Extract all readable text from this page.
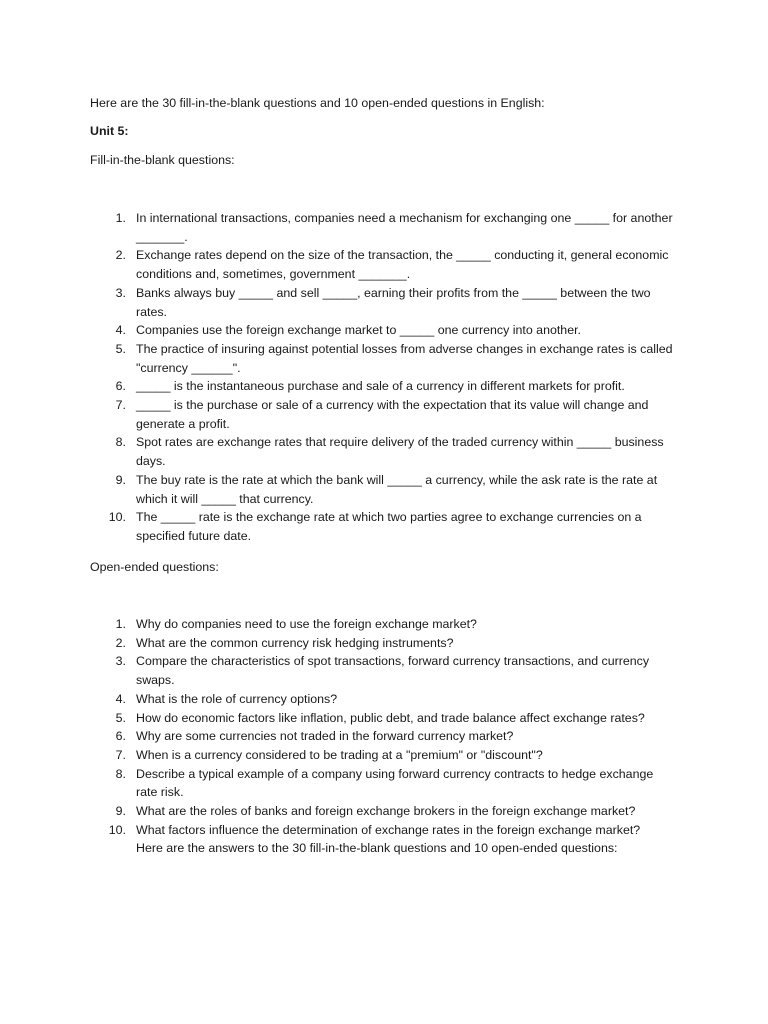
Here are the 30 fill-in-the-blank questions and 10 open-ended questions in English:

Unit 5:

Fill-in-the-blank questions:

1. In international transactions, companies need a mechanism for exchanging one _____ for another _______.
2. Exchange rates depend on the size of the transaction, the _____ conducting it, general economic conditions and, sometimes, government _______.
3. Banks always buy _____ and sell _____, earning their profits from the _____ between the two rates.
4. Companies use the foreign exchange market to _____ one currency into another.
5. The practice of insuring against potential losses from adverse changes in exchange rates is called "currency ______".
6. _____ is the instantaneous purchase and sale of a currency in different markets for profit.
7. _____ is the purchase or sale of a currency with the expectation that its value will change and generate a profit.
8. Spot rates are exchange rates that require delivery of the traded currency within _____ business days.
9. The buy rate is the rate at which the bank will _____ a currency, while the ask rate is the rate at which it will _____ that currency.
10. The _____ rate is the exchange rate at which two parties agree to exchange currencies on a specified future date.

Open-ended questions:

1. Why do companies need to use the foreign exchange market?
2. What are the common currency risk hedging instruments?
3. Compare the characteristics of spot transactions, forward currency transactions, and currency swaps.
4. What is the role of currency options?
5. How do economic factors like inflation, public debt, and trade balance affect exchange rates?
6. Why are some currencies not traded in the forward currency market?
7. When is a currency considered to be trading at a "premium" or "discount"?
8. Describe a typical example of a company using forward currency contracts to hedge exchange rate risk.
9. What are the roles of banks and foreign exchange brokers in the foreign exchange market?
10. What factors influence the determination of exchange rates in the foreign exchange market?

Here are the answers to the 30 fill-in-the-blank questions and 10 open-ended questions:
